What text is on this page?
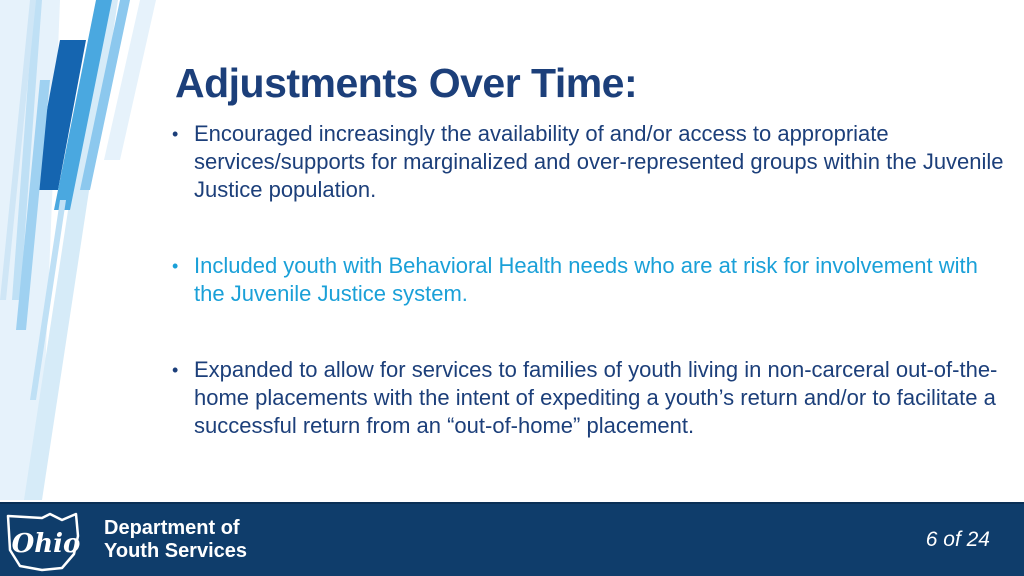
Adjustments Over Time:
• Encouraged increasingly the availability of and/or access to appropriate services/supports for marginalized and over-represented groups within the Juvenile Justice population.
• Included youth with Behavioral Health needs who are at risk for involvement with the Juvenile Justice system.
• Expanded to allow for services to families of youth living in non-carceral out-of-the-home placements with the intent of expediting a youth’s return and/or to facilitate a successful return from an “out-of-home” placement.
Ohio
Department of
Youth Services	6 of 24
